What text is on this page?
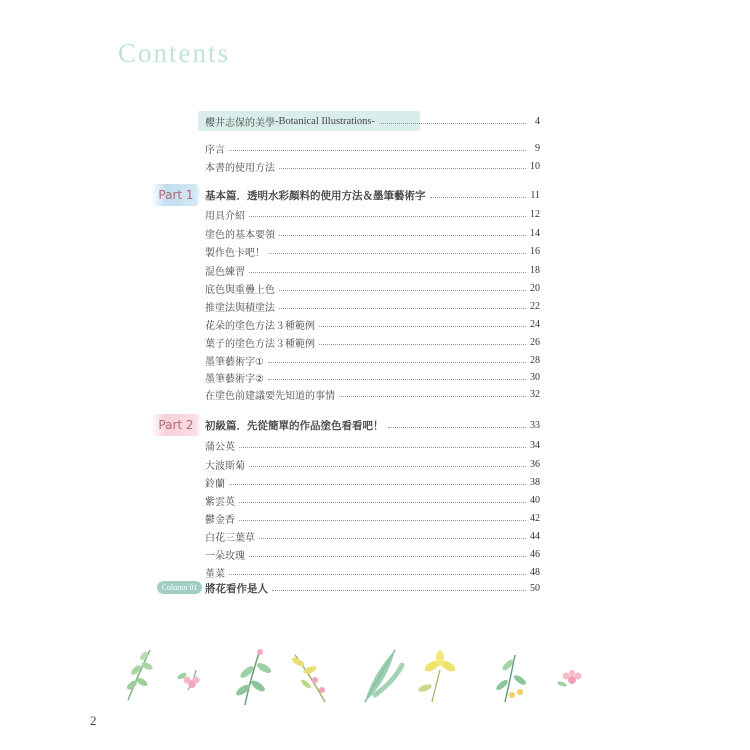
Contents
櫻井志保的美學 -Botanical Illustrations-	4
序言	9
本書的使用方法	10
Part 1	基本篇．透明水彩顏料的使用方法＆墨筆藝術字	11
用具介紹	12
塗色的基本要領	14
製作色卡吧！	16
混色練習	18
底色與重疊上色	20
推塗法與積塗法	22
花朵的塗色方法３種範例	24
葉子的塗色方法３種範例	26
墨筆藝術字①	28
墨筆藝術字②	30
在塗色前建議要先知道的事情	32
Part 2	初級篇．先從簡單的作品塗色看看吧！	33
蒲公英	34
大波斯菊	36
鈴蘭	38
紫雲英	40
鬱金香	42
白花三葉草	44
一朵玫瑰	46
堇菜	48
Column 01 將花看作是人	50
2
